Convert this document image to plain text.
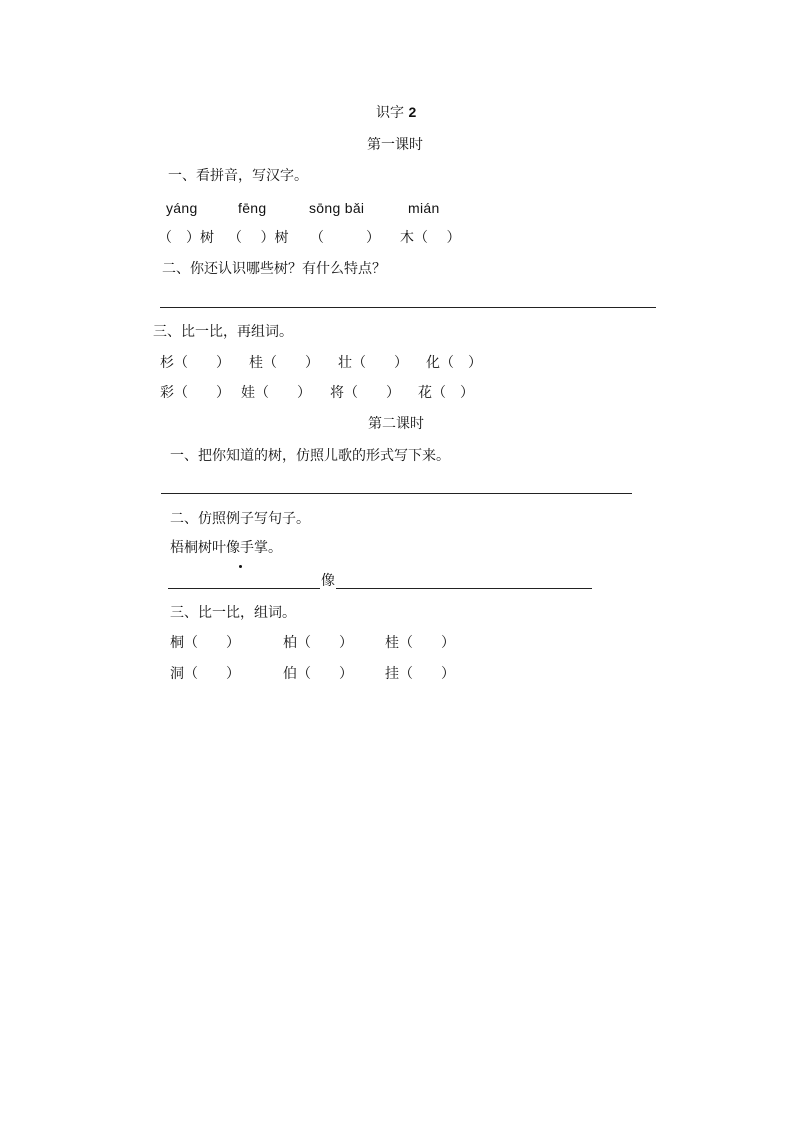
识字 2
第一课时
一、看拼音，写汉字。
yáng	fēng	sōng bǎi	mián
（　）树 （　 ）树 （　　　） 木（　 ）
二、你还认识哪些树？有什么特点？
三、比一比，再组词。
杉（　　） 桂（　　） 壮（　　） 化（　）
彩（　　） 娃（　　） 将（　　） 花（　）
第二课时
一、把你知道的树，仿照儿歌的形式写下来。
二、仿照例子写句子。
梧桐树叶像手掌。
像
三、比一比，组词。
桐（　　）	柏（　　） 桂（　　）
洞（　　）	伯（　　） 挂（　　）
